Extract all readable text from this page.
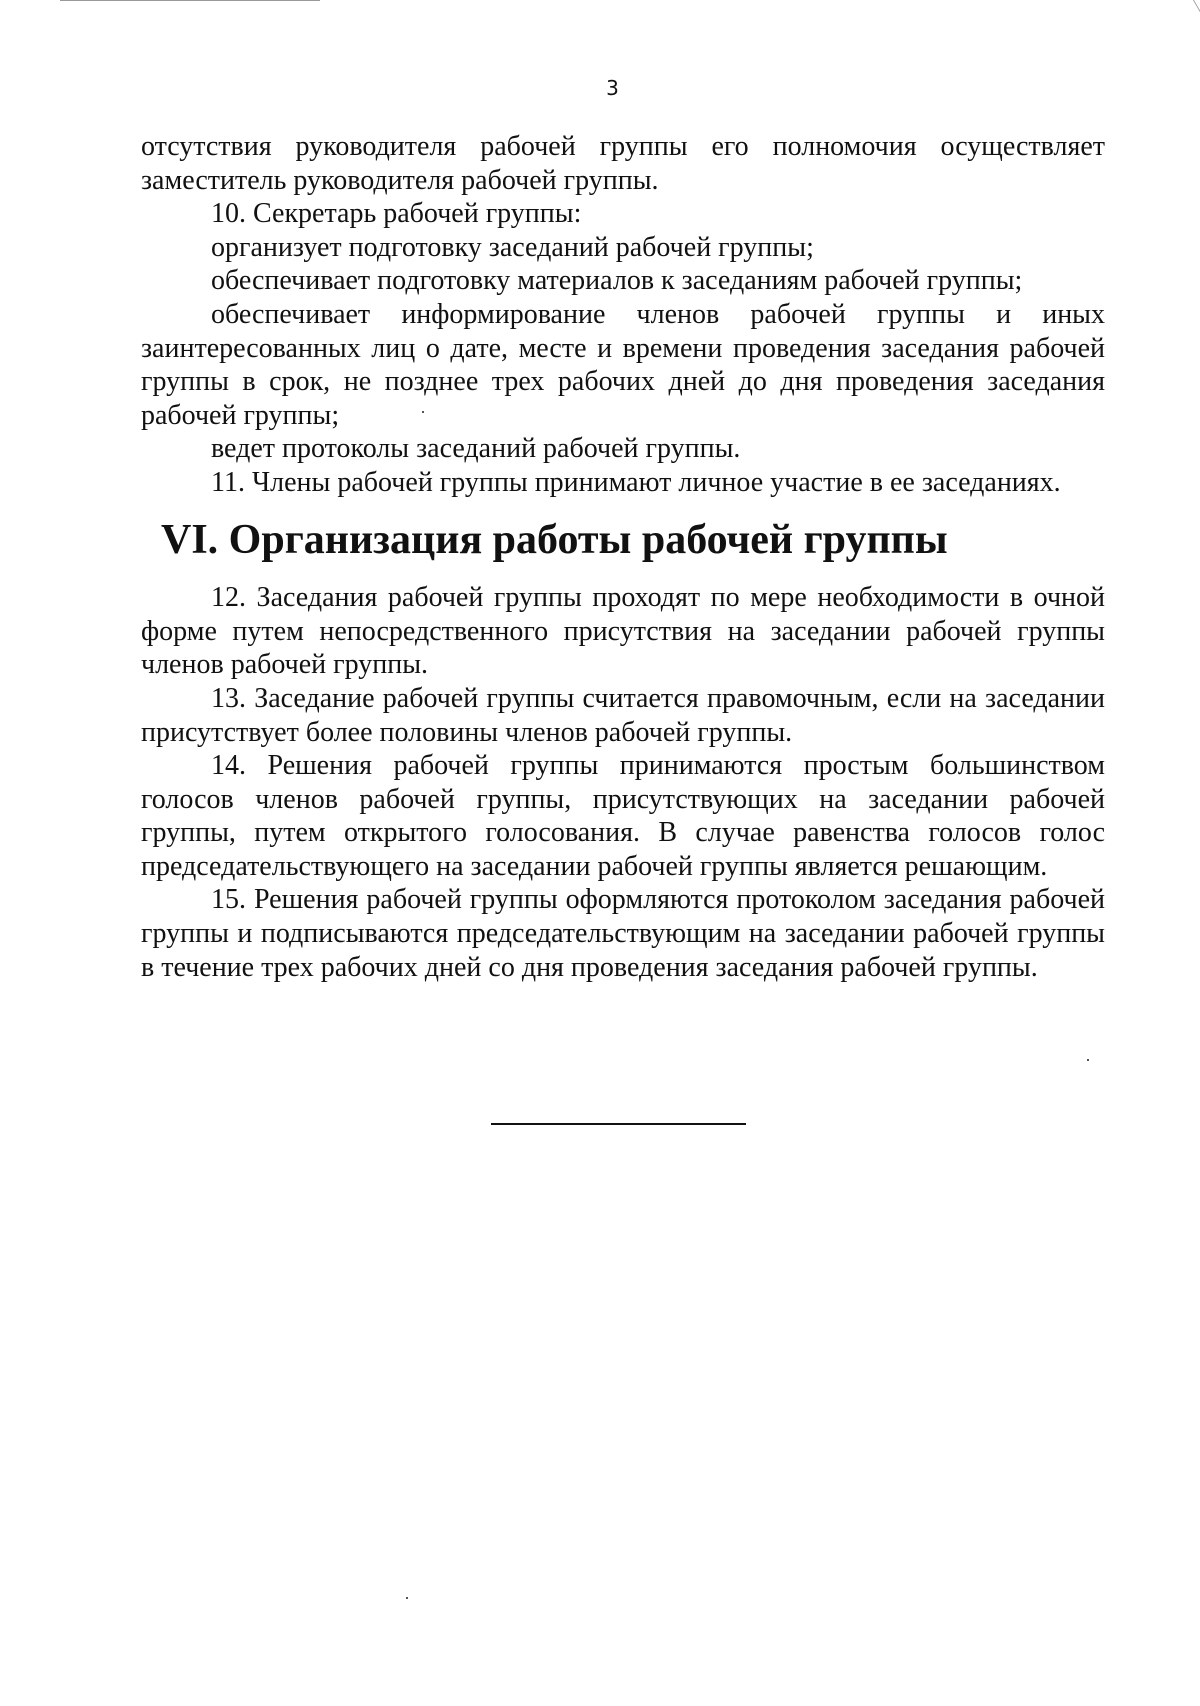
3

отсутствия руководителя рабочей группы его полномочия осуществляет заместитель руководителя рабочей группы.

10. Секретарь рабочей группы:

организует подготовку заседаний рабочей группы;

обеспечивает подготовку материалов к заседаниям рабочей группы;

обеспечивает информирование членов рабочей группы и иных заинтересованных лиц о дате, месте и времени проведения заседания рабочей группы в срок, не позднее трех рабочих дней до дня проведения заседания рабочей группы;

ведет протоколы заседаний рабочей группы.

11. Члены рабочей группы принимают личное участие в ее заседаниях.

VI. Организация работы рабочей группы

12. Заседания рабочей группы проходят по мере необходимости в очной форме путем непосредственного присутствия на заседании рабочей группы членов рабочей группы.

13. Заседание рабочей группы считается правомочным, если на заседании присутствует более половины членов рабочей группы.

14. Решения рабочей группы принимаются простым большинством голосов членов рабочей группы, присутствующих на заседании рабочей группы, путем открытого голосования. В случае равенства голосов голос председательствующего на заседании рабочей группы является решающим.

15. Решения рабочей группы оформляются протоколом заседания рабочей группы и подписываются председательствующим на заседании рабочей группы в течение трех рабочих дней со дня проведения заседания рабочей группы.
